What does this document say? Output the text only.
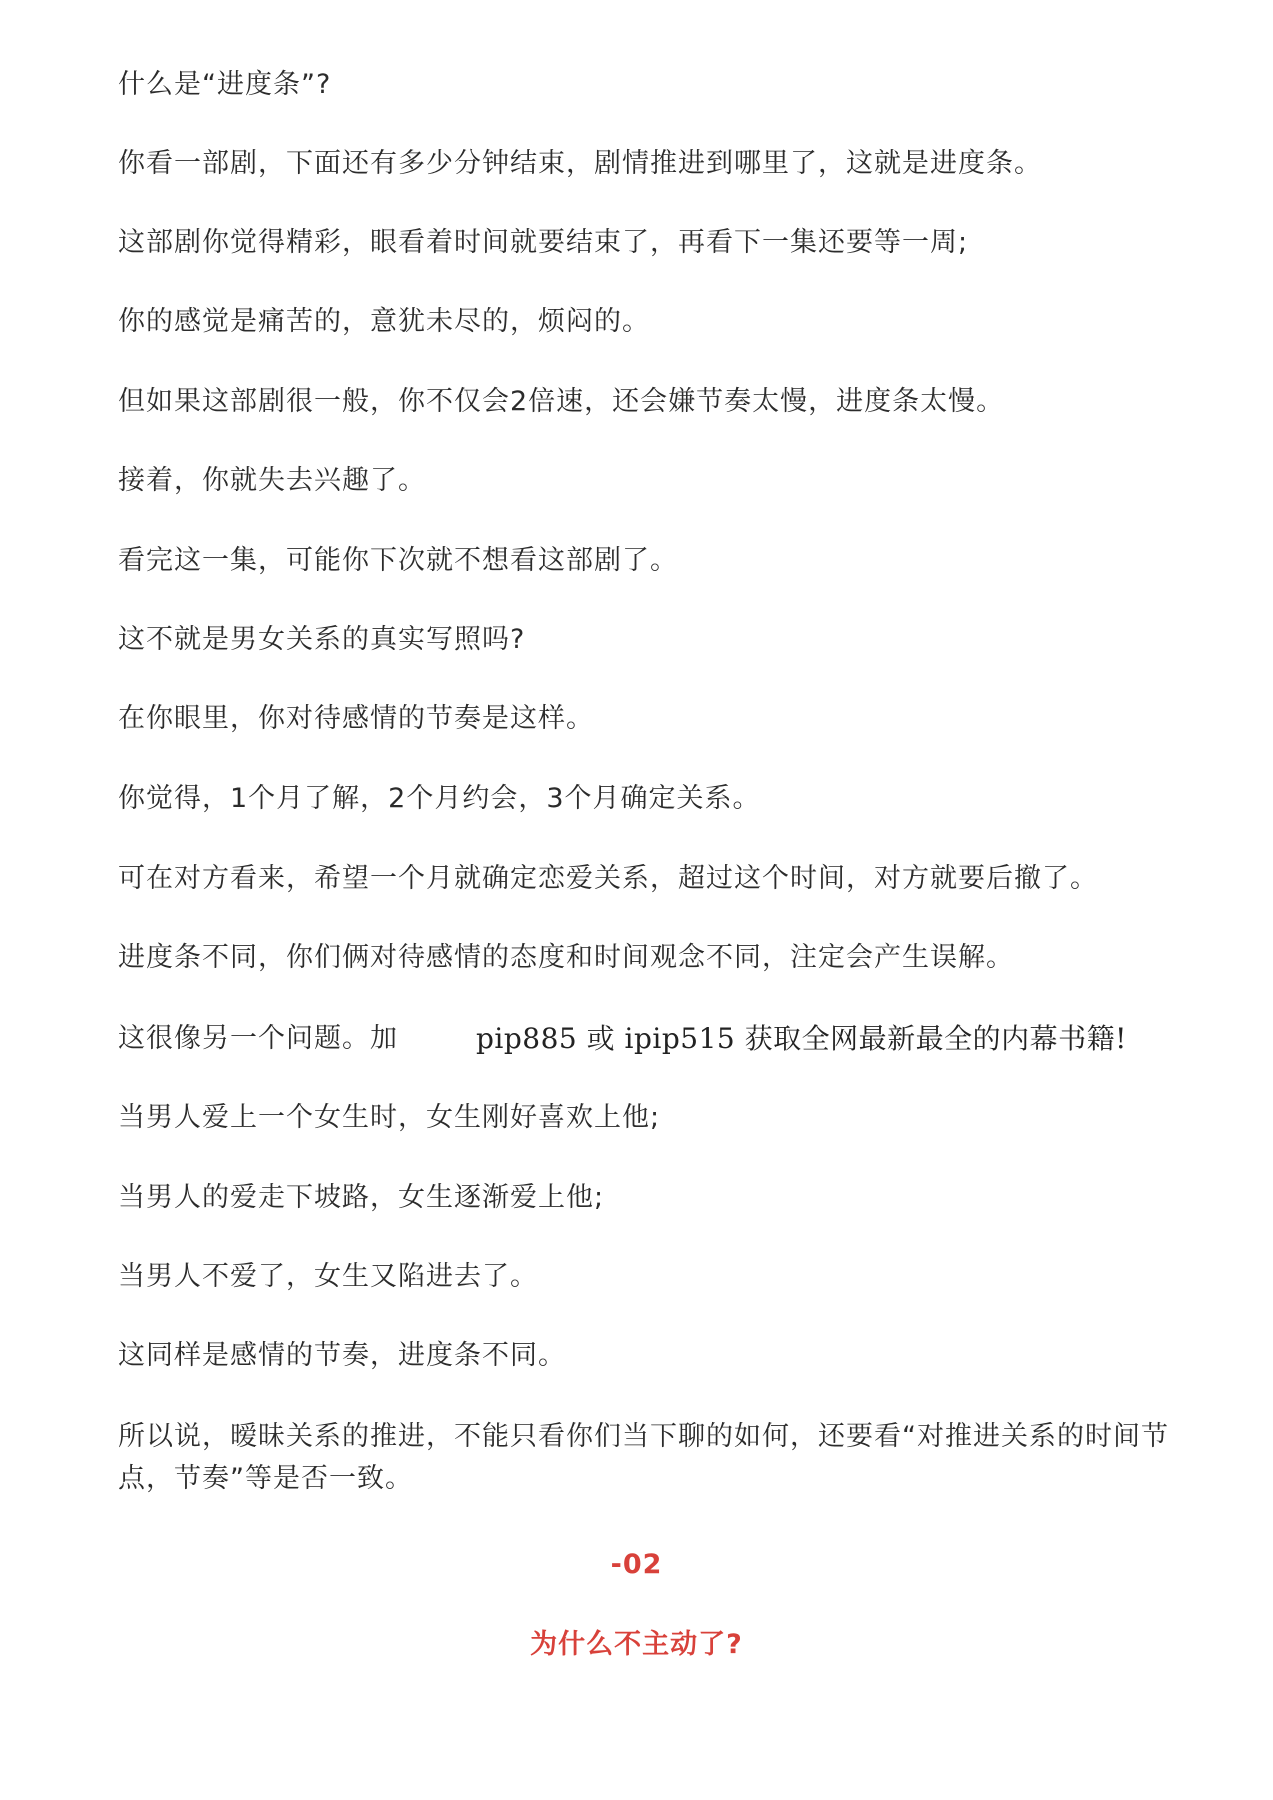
什么是“进度条”?

你看一部剧，下面还有多少分钟结束，剧情推进到哪里了，这就是进度条。

这部剧你觉得精彩，眼看着时间就要结束了，再看下一集还要等一周;

你的感觉是痛苦的，意犹未尽的，烦闷的。

但如果这部剧很一般，你不仅会2倍速，还会嫌节奏太慢，进度条太慢。

接着，你就失去兴趣了。

看完这一集，可能你下次就不想看这部剧了。

这不就是男女关系的真实写照吗?

在你眼里，你对待感情的节奏是这样。

你觉得，1个月了解，2个月约会，3个月确定关系。

可在对方看来，希望一个月就确定恋爱关系，超过这个时间，对方就要后撤了。

进度条不同，你们俩对待感情的态度和时间观念不同，注定会产生误解。

这很像另一个问题。加	pip885 或 ipip515 获取全网最新最全的内幕书籍!

当男人爱上一个女生时，女生刚好喜欢上他;

当男人的爱走下坡路，女生逐渐爱上他;

当男人不爱了，女生又陷进去了。

这同样是感情的节奏，进度条不同。

所以说，暧昧关系的推进，不能只看你们当下聊的如何，还要看“对推进关系的时间节点，节奏”等是否一致。

-02
为什么不主动了?
